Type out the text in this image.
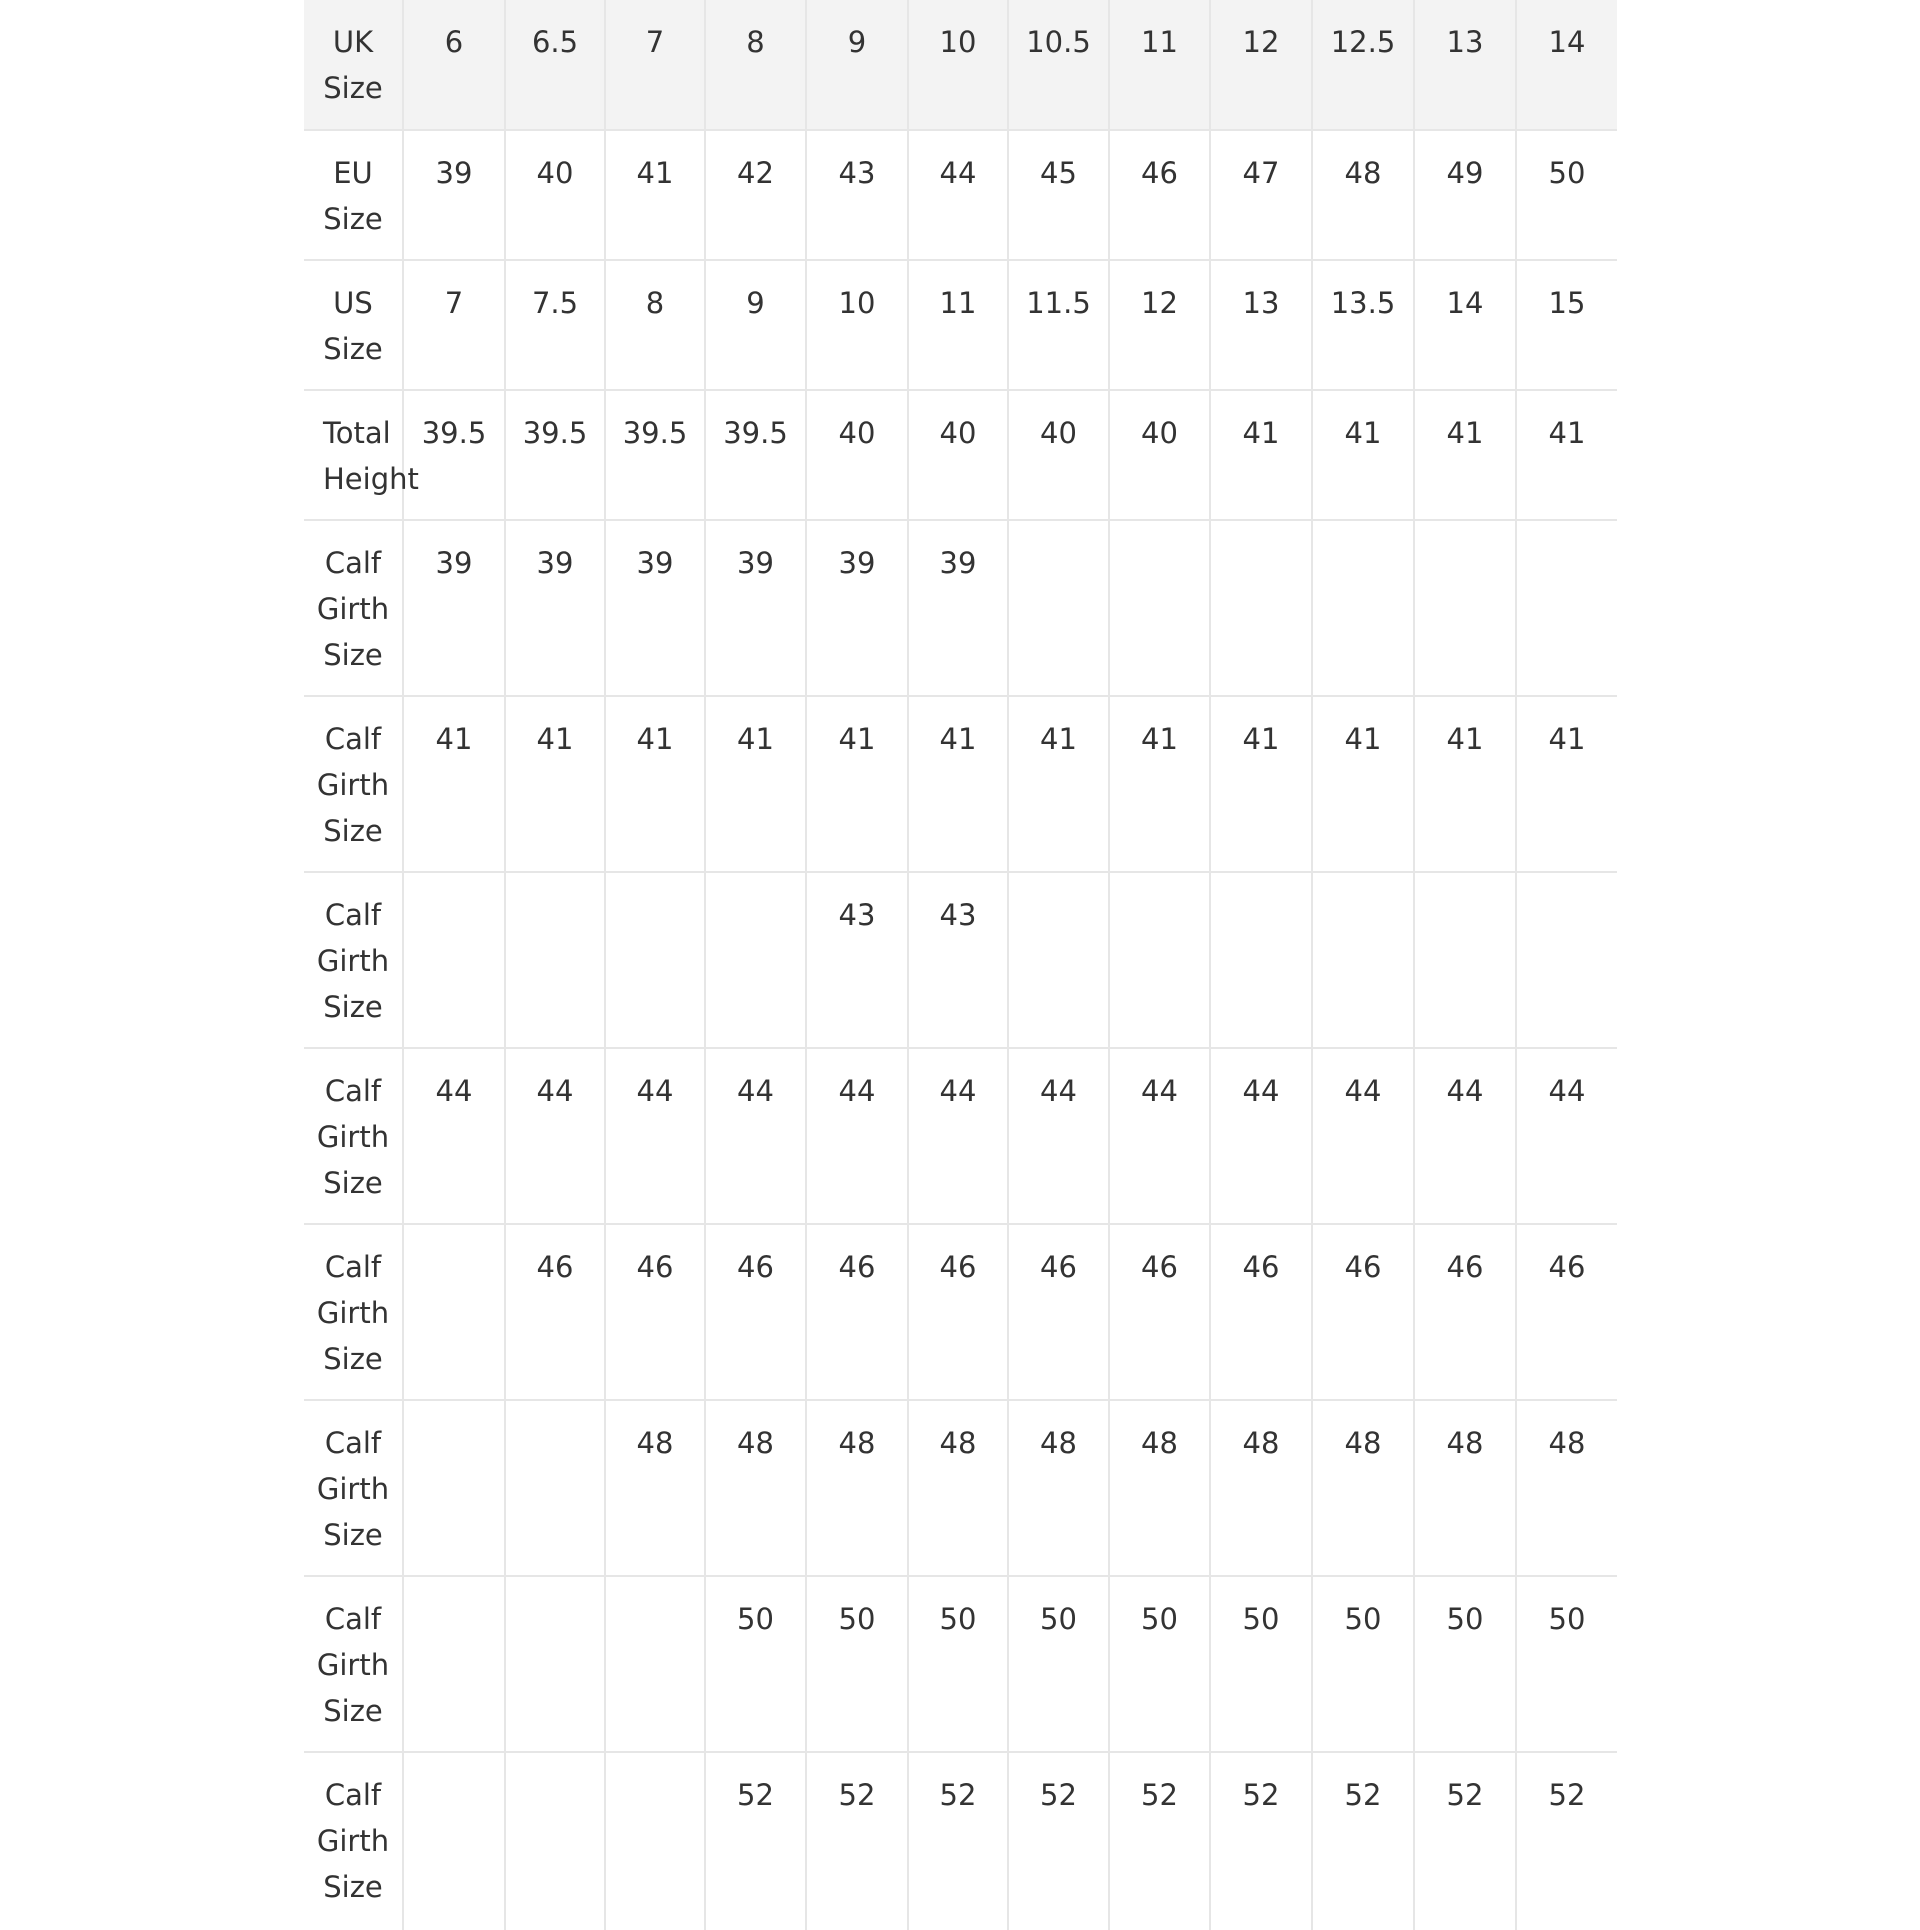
UK
Size	6	6.5	7	8	9	10	10.5	11	12	12.5	13	14
EU
Size	39	40	41	42	43	44	45	46	47	48	49	50
US
Size	7	7.5	8	9	10	11	11.5	12	13	13.5	14	15
Total
Height	39.5	39.5	39.5	39.5	40	40	40	40	41	41	41	41
Calf
Girth
Size	39	39	39	39	39	39						
Calf
Girth
Size	41	41	41	41	41	41	41	41	41	41	41	41
Calf
Girth
Size					43	43						
Calf
Girth
Size	44	44	44	44	44	44	44	44	44	44	44	44
Calf
Girth
Size		46	46	46	46	46	46	46	46	46	46	46
Calf
Girth
Size			48	48	48	48	48	48	48	48	48	48
Calf
Girth
Size				50	50	50	50	50	50	50	50	50
Calf
Girth
Size				52	52	52	52	52	52	52	52	52
